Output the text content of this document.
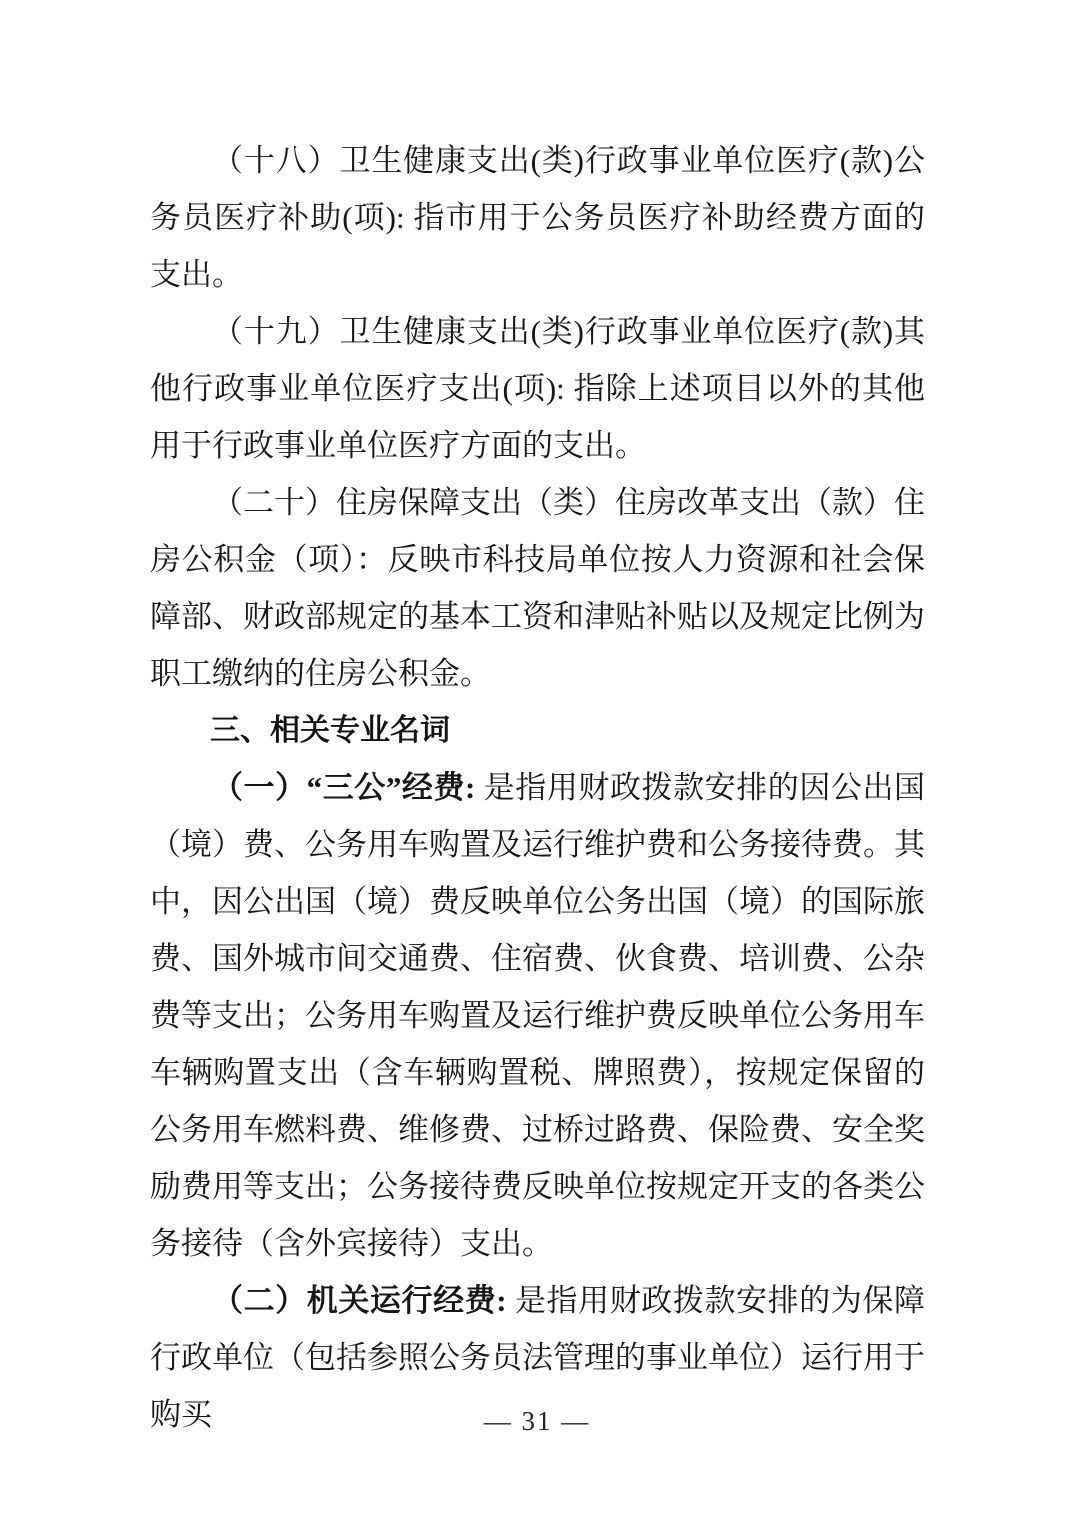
（十八）卫生健康支出(类)行政事业单位医疗(款)公务员医疗补助(项): 指市用于公务员医疗补助经费方面的支出。

（十九）卫生健康支出(类)行政事业单位医疗(款)其他行政事业单位医疗支出(项): 指除上述项目以外的其他用于行政事业单位医疗方面的支出。

（二十）住房保障支出（类）住房改革支出（款）住房公积金（项）：反映市科技局单位按人力资源和社会保障部、财政部规定的基本工资和津贴补贴以及规定比例为职工缴纳的住房公积金。

三、相关专业名词

（一）“三公”经费: 是指用财政拨款安排的因公出国（境）费、公务用车购置及运行维护费和公务接待费。其中，因公出国（境）费反映单位公务出国（境）的国际旅费、国外城市间交通费、住宿费、伙食费、培训费、公杂费等支出；公务用车购置及运行维护费反映单位公务用车车辆购置支出（含车辆购置税、牌照费），按规定保留的公务用车燃料费、维修费、过桥过路费、保险费、安全奖励费用等支出；公务接待费反映单位按规定开支的各类公务接待（含外宾接待）支出。

（二）机关运行经费: 是指用财政拨款安排的为保障行政单位（包括参照公务员法管理的事业单位）运行用于购买	— 31 —
